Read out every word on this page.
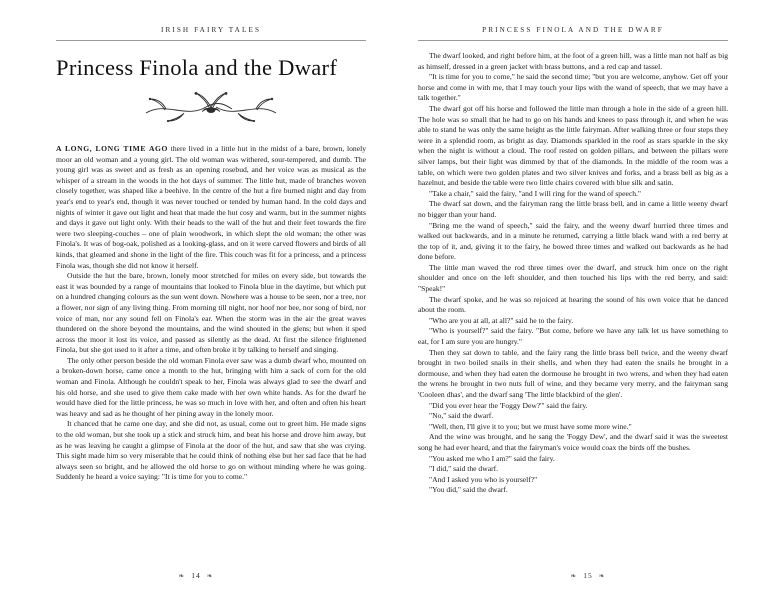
IRISH FAIRY TALES
Princess Finola and the Dwarf

A LONG, LONG TIME AGO there lived in a little hut in the midst of a bare, brown, lonely moor an old woman and a young girl. The old woman was withered, sour-tempered, and dumb. The young girl was as sweet and as fresh as an opening rosebud, and her voice was as musical as the whisper of a stream in the woods in the hot days of summer. The little hut, made of branches woven closely together, was shaped like a beehive. In the centre of the hut a fire burned night and day from year's end to year's end, though it was never touched or tended by human hand. In the cold days and nights of winter it gave out light and heat that made the hut cosy and warm, but in the summer nights and days it gave out light only. With their heads to the wall of the hut and their feet towards the fire were two sleeping-couches – one of plain woodwork, in which slept the old woman; the other was Finola's. It was of bog-oak, polished as a looking-glass, and on it were carved flowers and birds of all kinds, that gleamed and shone in the light of the fire. This couch was fit for a princess, and a princess Finola was, though she did not know it herself.

Outside the hut the bare, brown, lonely moor stretched for miles on every side, but towards the east it was bounded by a range of mountains that looked to Finola blue in the daytime, but which put on a hundred changing colours as the sun went down. Nowhere was a house to be seen, nor a tree, nor a flower, nor sign of any living thing. From morning till night, nor hoof nor bee, nor song of bird, nor voice of man, nor any sound fell on Finola's ear. When the storm was in the air the great waves thundered on the shore beyond the mountains, and the wind shouted in the glens; but when it sped across the moor it lost its voice, and passed as silently as the dead. At first the silence frightened Finola, but she got used to it after a time, and often broke it by talking to herself and singing.

The only other person beside the old woman Finola ever saw was a dumb dwarf who, mounted on a broken-down horse, came once a month to the hut, bringing with him a sack of corn for the old woman and Finola. Although he couldn't speak to her, Finola was always glad to see the dwarf and his old horse, and she used to give them cake made with her own white hands. As for the dwarf he would have died for the little princess, he was so much in love with her, and often and often his heart was heavy and sad as he thought of her pining away in the lonely moor.

It chanced that he came one day, and she did not, as usual, come out to greet him. He made signs to the old woman, but she took up a stick and struck him, and beat his horse and drove him away, but as he was leaving he caught a glimpse of Finola at the door of the hut, and saw that she was crying. This sight made him so very miserable that he could think of nothing else but her sad face that he had always seen so bright, and he allowed the old horse to go on without minding where he was going. Suddenly he heard a voice saying: "It is time for you to come."

❧ 14 ❧
PRINCESS FINOLA AND THE DWARF

The dwarf looked, and right before him, at the foot of a green hill, was a little man not half as big as himself, dressed in a green jacket with brass buttons, and a red cap and tassel.

"It is time for you to come," he said the second time; "but you are welcome, anyhow. Get off your horse and come in with me, that I may touch your lips with the wand of speech, that we may have a talk together."

The dwarf got off his horse and followed the little man through a hole in the side of a green hill. The hole was so small that he had to go on his hands and knees to pass through it, and when he was able to stand he was only the same height as the little fairyman. After walking three or four steps they were in a splendid room, as bright as day. Diamonds sparkled in the roof as stars sparkle in the sky when the night is without a cloud. The roof rested on golden pillars, and between the pillars were silver lamps, but their light was dimmed by that of the diamonds. In the middle of the room was a table, on which were two golden plates and two silver knives and forks, and a brass bell as big as a hazelnut, and beside the table were two little chairs covered with blue silk and satin.

"Take a chair," said the fairy, "and I will ring for the wand of speech."

The dwarf sat down, and the fairyman rang the little brass bell, and in came a little weeny dwarf no bigger than your hand.

"Bring me the wand of speech," said the fairy, and the weeny dwarf hurried three times and walked out backwards, and in a minute he returned, carrying a little black wand with a red berry at the top of it, and, giving it to the fairy, he bowed three times and walked out backwards as he had done before.

The little man waved the rod three times over the dwarf, and struck him once on the right shoulder and once on the left shoulder, and then touched his lips with the red berry, and said: "Speak!"

The dwarf spoke, and he was so rejoiced at hearing the sound of his own voice that he danced about the room.

"Who are you at all, at all?" said he to the fairy.

"Who is yourself?" said the fairy. "But come, before we have any talk let us have something to eat, for I am sure you are hungry."

Then they sat down to table, and the fairy rang the little brass bell twice, and the weeny dwarf brought in two boiled snails in their shells, and when they had eaten the snails he brought in a dormouse, and when they had eaten the dormouse he brought in two wrens, and when they had eaten the wrens he brought in two nuts full of wine, and they became very merry, and the fairyman sang 'Cooleen dhas', and the dwarf sang 'The little blackbird of the glen'.

"Did you ever hear the 'Foggy Dew?'" said the fairy.

"No," said the dwarf.

"Well, then, I'll give it to you; but we must have some more wine."

And the wine was brought, and he sang the 'Foggy Dew', and the dwarf said it was the sweetest song he had ever heard, and that the fairyman's voice would coax the birds off the bushes.

"You asked me who I am?" said the fairy.

"I did," said the dwarf.

"And I asked you who is yourself?"

"You did," said the dwarf.

❧ 15 ❧
